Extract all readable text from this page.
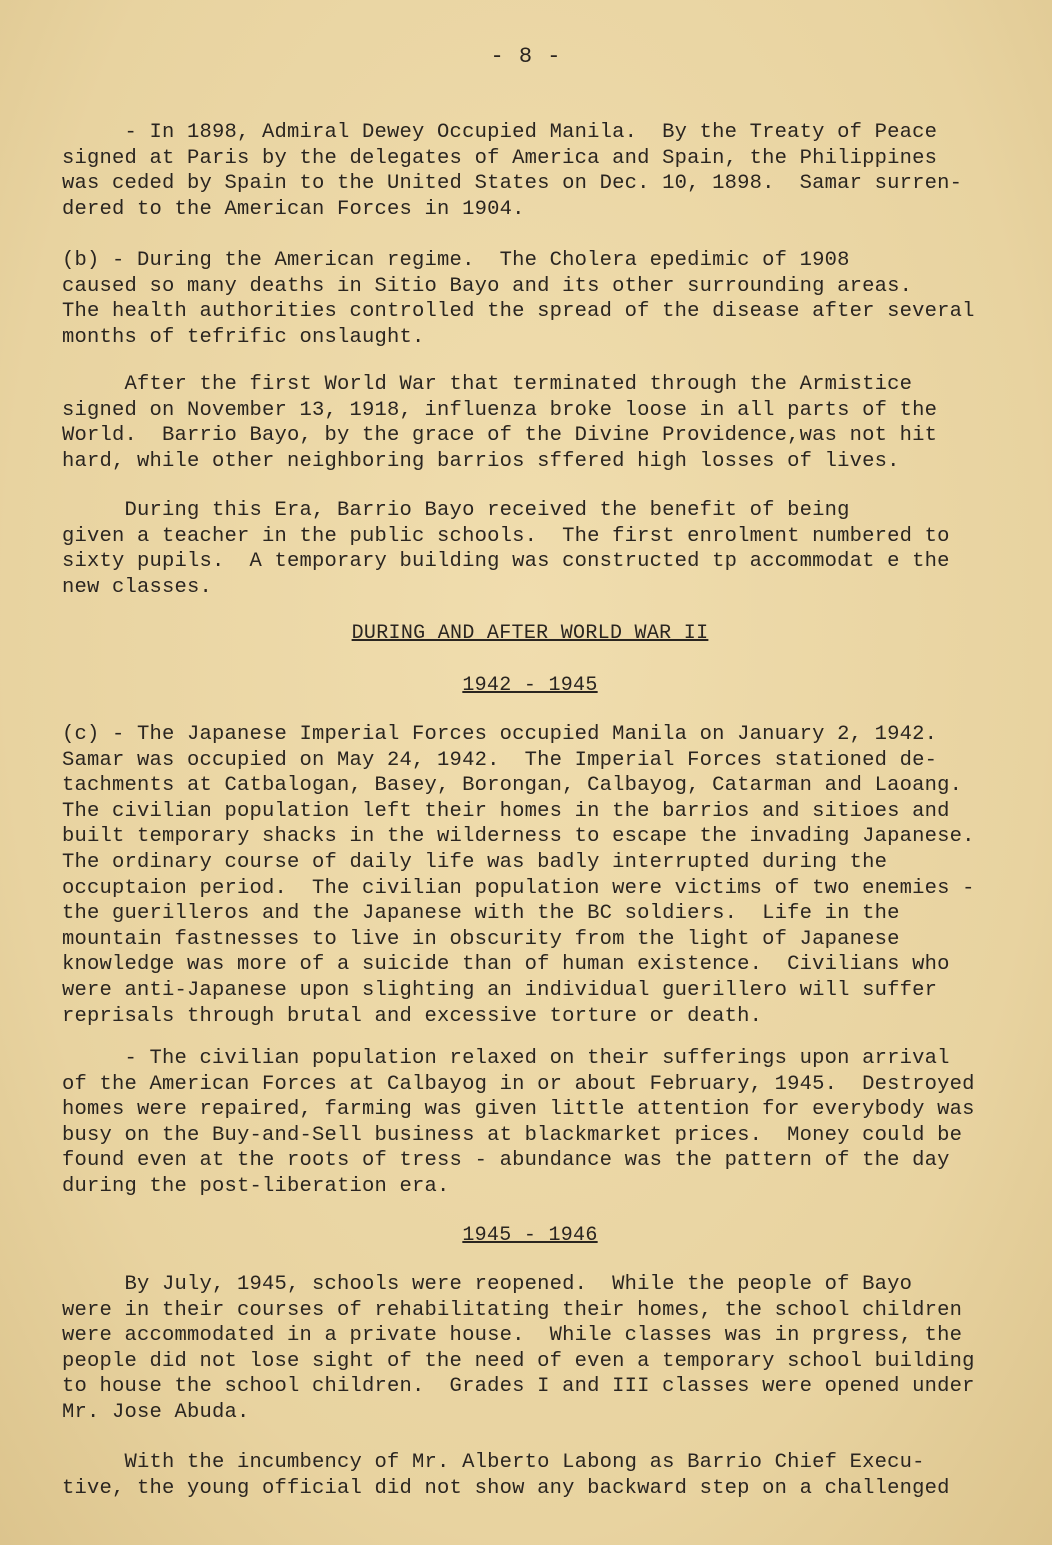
- 8 -

- In 1898, Admiral Dewey Occupied Manila.  By the Treaty of Peace
signed at Paris by the delegates of America and Spain, the Philippines
was ceded by Spain to the United States on Dec. 10, 1898.  Samar surren-
dered to the American Forces in 1904.

(b) - During the American regime.  The Cholera epedimic of 1908
caused so many deaths in Sitio Bayo and its other surrounding areas.
The health authorities controlled the spread of the disease after several
months of tefrific onslaught.

After the first World War that terminated through the Armistice
signed on November 13, 1918, influenza broke loose in all parts of the
World.  Barrio Bayo, by the grace of the Divine Providence,was not hit
hard, while other neighboring barrios sffered high losses of lives.

During this Era, Barrio Bayo received the benefit of being
given a teacher in the public schools.  The first enrolment numbered to
sixty pupils.  A temporary building was constructed tp accommodat e the
new classes.

DURING AND AFTER WORLD WAR II
1942 - 1945

(c) - The Japanese Imperial Forces occupied Manila on January 2, 1942.
Samar was occupied on May 24, 1942.  The Imperial Forces stationed de-
tachments at Catbalogan, Basey, Borongan, Calbayog, Catarman and Laoang.
The civilian population left their homes in the barrios and sitioes and
built temporary shacks in the wilderness to escape the invading Japanese.
The ordinary course of daily life was badly interrupted during the
occuptaion period.  The civilian population were victims of two enemies -
the guerilleros and the Japanese with the BC soldiers.  Life in the
mountain fastnesses to live in obscurity from the light of Japanese
knowledge was more of a suicide than of human existence.  Civilians who
were anti-Japanese upon slighting an individual guerillero will suffer
reprisals through brutal and excessive torture or death.

- The civilian population relaxed on their sufferings upon arrival
of the American Forces at Calbayog in or about February, 1945.  Destroyed
homes were repaired, farming was given little attention for everybody was
busy on the Buy-and-Sell business at blackmarket prices.  Money could be
found even at the roots of tress - abundance was the pattern of the day
during the post-liberation era.

1945 - 1946

By July, 1945, schools were reopened.  While the people of Bayo
were in their courses of rehabilitating their homes, the school children
were accommodated in a private house.  While classes was in prgress, the
people did not lose sight of the need of even a temporary school building
to house the school children.  Grades I and III classes were opened under
Mr. Jose Abuda.

With the incumbency of Mr. Alberto Labong as Barrio Chief Execu-
tive, the young official did not show any backward step on a challenged
